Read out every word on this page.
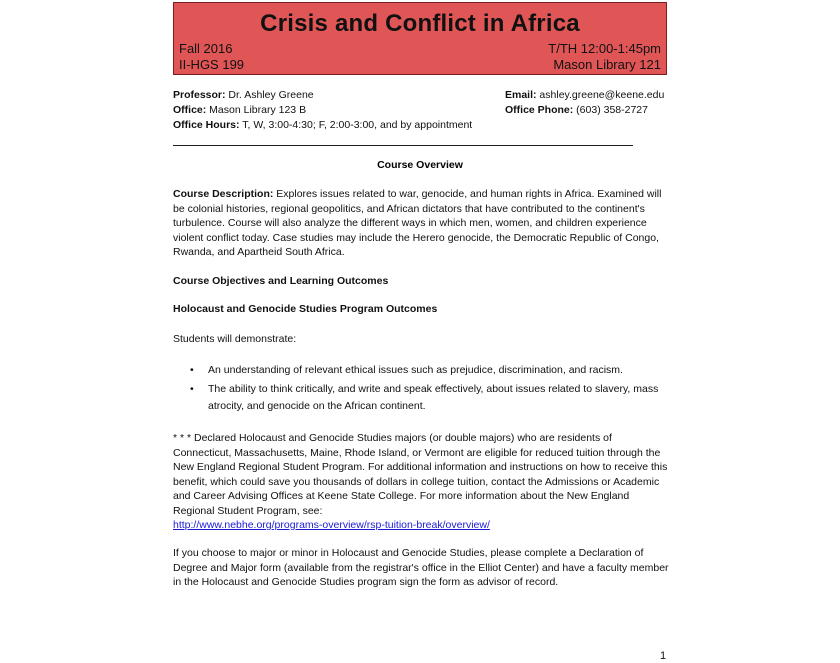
Crisis and Conflict in Africa
Fall 2016	T/TH 12:00-1:45pm
II-HGS 199	Mason Library 121
Professor: Dr. Ashley Greene
Office: Mason Library 123 B
Office Hours: T, W, 3:00-4:30; F, 2:00-3:00, and by appointment
Email: ashley.greene@keene.edu
Office Phone: (603) 358-2727
Course Overview
Course Description: Explores issues related to war, genocide, and human rights in Africa. Examined will be colonial histories, regional geopolitics, and African dictators that have contributed to the continent's turbulence. Course will also analyze the different ways in which men, women, and children experience violent conflict today. Case studies may include the Herero genocide, the Democratic Republic of Congo, Rwanda, and Apartheid South Africa.
Course Objectives and Learning Outcomes
Holocaust and Genocide Studies Program Outcomes
Students will demonstrate:
• An understanding of relevant ethical issues such as prejudice, discrimination, and racism.
• The ability to think critically, and write and speak effectively, about issues related to slavery, mass atrocity, and genocide on the African continent.
* * * Declared Holocaust and Genocide Studies majors (or double majors) who are residents of Connecticut, Massachusetts, Maine, Rhode Island, or Vermont are eligible for reduced tuition through the New England Regional Student Program. For additional information and instructions on how to receive this benefit, which could save you thousands of dollars in college tuition, contact the Admissions or Academic and Career Advising Offices at Keene State College. For more information about the New England Regional Student Program, see:
http://www.nebhe.org/programs-overview/rsp-tuition-break/overview/
If you choose to major or minor in Holocaust and Genocide Studies, please complete a Declaration of Degree and Major form (available from the registrar's office in the Elliot Center) and have a faculty member in the Holocaust and Genocide Studies program sign the form as advisor of record.
1
